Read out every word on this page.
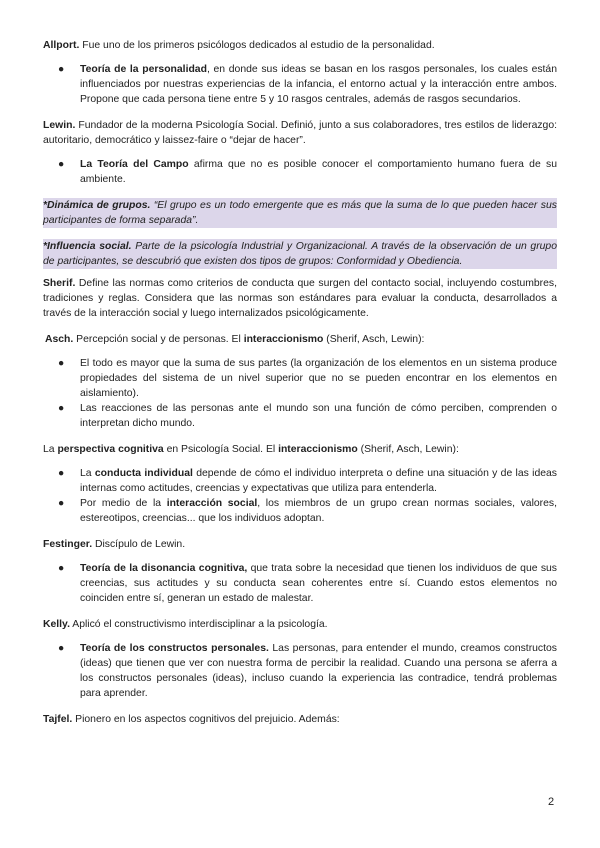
Allport. Fue uno de los primeros psicólogos dedicados al estudio de la personalidad.

● Teoría de la personalidad, en donde sus ideas se basan en los rasgos personales, los cuales están influenciados por nuestras experiencias de la infancia, el entorno actual y la interacción entre ambos. Propone que cada persona tiene entre 5 y 10 rasgos centrales, además de rasgos secundarios.

Lewin. Fundador de la moderna Psicología Social. Definió, junto a sus colaboradores, tres estilos de liderazgo: autoritario, democrático y laissez-faire o “dejar de hacer”.

● La Teoría del Campo afirma que no es posible conocer el comportamiento humano fuera de su ambiente.

*Dinámica de grupos. “El grupo es un todo emergente que es más que la suma de lo que pueden hacer sus participantes de forma separada”.

*Influencia social. Parte de la psicología Industrial y Organizacional. A través de la observación de un grupo de participantes, se descubrió que existen dos tipos de grupos: Conformidad y Obediencia.

Sherif. Define las normas como criterios de conducta que surgen del contacto social, incluyendo costumbres, tradiciones y reglas. Considera que las normas son estándares para evaluar la conducta, desarrollados a través de la interacción social y luego internalizados psicológicamente.

Asch. Percepción social y de personas. El interaccionismo (Sherif, Asch, Lewin):

● El todo es mayor que la suma de sus partes (la organización de los elementos en un sistema produce propiedades del sistema de un nivel superior que no se pueden encontrar en los elementos en aislamiento).
● Las reacciones de las personas ante el mundo son una función de cómo perciben, comprenden o interpretan dicho mundo.

La perspectiva cognitiva en Psicología Social. El interaccionismo (Sherif, Asch, Lewin):

● La conducta individual depende de cómo el individuo interpreta o define una situación y de las ideas internas como actitudes, creencias y expectativas que utiliza para entenderla.
● Por medio de la interacción social, los miembros de un grupo crean normas sociales, valores, estereotipos, creencias... que los individuos adoptan.

Festinger. Discípulo de Lewin.

● Teoría de la disonancia cognitiva, que trata sobre la necesidad que tienen los individuos de que sus creencias, sus actitudes y su conducta sean coherentes entre sí. Cuando estos elementos no coinciden entre sí, generan un estado de malestar.

Kelly. Aplicó el constructivismo interdisciplinar a la psicología.

● Teoría de los constructos personales. Las personas, para entender el mundo, creamos constructos (ideas) que tienen que ver con nuestra forma de percibir la realidad. Cuando una persona se aferra a los constructos personales (ideas), incluso cuando la experiencia las contradice, tendrá problemas para aprender.

Tajfel. Pionero en los aspectos cognitivos del prejuicio. Además:

2
